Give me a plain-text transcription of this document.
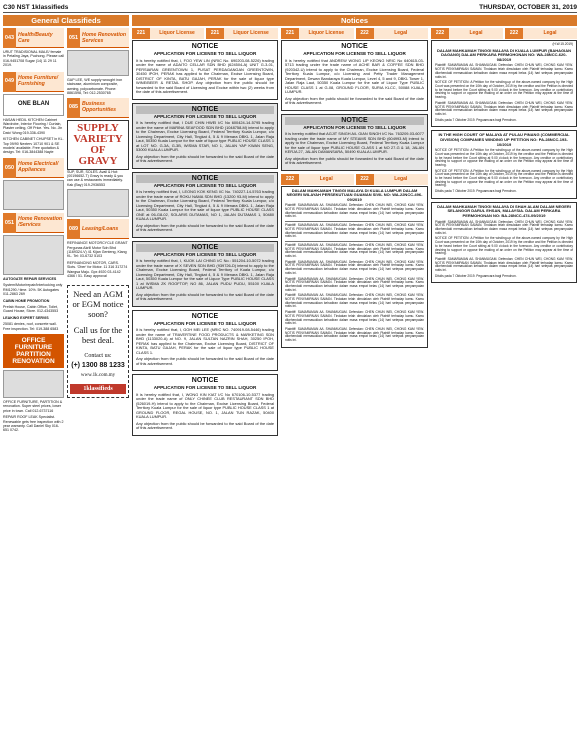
C30 NST 1klassifieds	THURSDAY, OCTOBER 31, 2019
General Classifieds	Notices
043
Health/Beauty Care

URUT TRADISIONAL MALE/ female in Petaling Jaya, Puchong. Please call 016-9451708 Sugar (14) 11 29 11 2019.

049
Home Furniture/ Furnishing
ONE BLAN

HASAN HEDIL KITCHEN Cabinet Wardrobe, Interior Flooring / Curtain, Plaster ceiling, Off Price. Yes. No. Jln Dato' Wong 019-336-4390

KITCHEN CABINET CHUPSET in KL. Top 09/90 Nexterv 10710 901 & SE models' available. Free quotation & design. Tel: 016-3844388 Nayle

050
Home Electrical/ Appliances
051
Home Renovation /Services

AUTOGATE REPAIR SERVICES

System/Motor/repair/Interlocking only RM1290 / time. 10%. 5K Autogates 011-2863 269

CABIN HOME PROMOTION

Prefab House, Cabin Office, Toilet, Guard House, Store. 012-4343553

LEAKING EXPERT SERVIS

25081 denies, roof, concrete wall. Free inspection. Tel: 019-388 6583

OFFICE FURNITURE PARTITION RENOVATION

OFFICE FURNITURE, PARTITION & renovation. Super steel prices, lower price in town. Call 012-6737116

REPAIR ROOF LEAK Specialist. Renewable gets free inspection with 2 year warranty. Call Daniel Sky 016-651 0742.

051
Home Renovation Services

GAP LEE, WE supply wrought iron staircase, aluminium composite, awning, polycarbonate. Phone: 8861598, Tel: 012-2530765

085
Business Opportunities
SUPPLY VARIETY OF GRAVY

SUP, SUR, SOLES. Avail & Hot: (00196652-T) Gravy is ready & you can use & restaurants immediately. Kak (Bay) 019-2936553

089 Leasing/Loans

REFINANCE MOTORCYCLE GRANT Pergunas Akrill Motor Sdn Bhd (1169324-V) 41 Kijan Genteng, Klang KL. Tel: 03-6732 5103

REFINANCING MOTOR, CARS. Slots. 'Ober' for Motor. 11 316 317274 Wangsa Maju. Gpx 4920 03-4142 4366 / 51. Easy approval

Need an AGM or EGM notice soon?
Call us for the best deal.
Contact us:
(+) 1300 88 1233
www.1k.com.my
1klassifieds
221	Liquor License	221	Liquor License
NOTICE
APPLICATION FOR LICENSE TO SELL LIQUOR

It is hereby notified that, I, FOO YEW LIN (NRIC No. 690203-08-5226) trading under the name of ADAITO CELLAR SDN BHD (624504-A) UNIT G-3-01, PERSIARAN GREENTOWN 1, PUSAT PERDAGANGAN GREENTOWN, 30450 IPOH, PERAK has applied to the Chairman, Excise Licensing Board, DISTRICT OF KINTA, BATU GAJAH, PERAK for the sale of liquor type WINE/BEER & RETAIL SHOP. Any objection from the public should be forwarded to the said Board of Licensing and Excise within two (2) weeks from the date of this advertisement.

NOTICE
APPLICATION FOR LICENSE TO SELL LIQUOR

It is hereby notified that, I DUE CHIN HWEI I/C No 600424-14-5795 trading under the name of MARINA SEAFOOD SDN BHD (1048758-M) intend to apply to the Chairman, Excise Licensing Board, Federal Territory Kuala Lumpur, c/o Licensing Department, City Hall, Tingkat 4, 5 & 9 Menara DBKL 1, Jalan Raja Laut, 50350 Kuala Lumpur for the sale of liquor type PUBLIC HOUSE CLASS 1 at LOT NO. G-3A, G-3B, WISMA STAR, NO 1, JALAN YAP KWAN SENG, 53000 KUALA LUMPUR.

Any objection from the public should be forwarded to the said Board of the date of this advertisement.

NOTICE
APPLICATION FOR LICENSE TO SELL LIQUOR

It is hereby notified that, I, LEONG KOK KENG I/C No. 740227-14-5763 trading under the trade name of ROKU NAMA SDN BHD (13200 93-M) intend to apply to the Chairman, Excise Licensing Board, Federal Territory Kuala Lumpur, c/o Licensing Department, City Hall, Tingkat 4, 5 & 9 Menara DBKL 1, Jalan Raja Laut, 50350 Kuala Lumpur for the sale of liquor type PUBLIC HOUSE CLASS ONE at 06-G8-02, SOLARIS DUTAMAS, NO 1, JALAN DUTAMAS 1, 50480 KUALA LUMPUR.

Any objection from the public should be forwarded to the said Board of the date of this advertisement.

NOTICE
APPLICATION FOR LICENSE TO SELL LIQUOR

It is hereby notified that, I, KUOK LAI CHING I/C No.: 551204-10-5072 trading under the trade name of X SEVEN SDN BHD (939726-D) intend to apply to the Chairman, Excise Licensing Board, Federal Territory of Kuala Lumpur, c/o Licensing Department, City Hall, Tingkat 4, 5 & 9 Menara DBKL 1, Jalan Raja Laut, 50350 Kuala Lumpur for the sale of Liquor Type PUBLIC HOUSE CLASS 1 at WISMA ZK ROOFTOP, NO 86, JALAN PUDU PUDU, 55100 KUALA LUMPUR.

Any objection from the public should be forwarded to the said Board of the date of this advertisement.

NOTICE
APPLICATION FOR LICENSE TO SELL LIQUOR

It is hereby notified that, I, GOH MEI LEE (NRIC NO. 740919-08-5446) trading under the name of TRAVERTINE FOOD PRODUCTS & MARKETING SDN BHD (1133020-A) at NO. 9, JALAN SULTAN NAZRIN SHAH, 30250 IPOH, PERAK has applied to the Chairman, Excise Licensing Board, DISTRICT OF KINTA, BATU GAJAH, PERAK for the sale of liquor type PUBLIC HOUSE CLASS 1.

Any objection from the public should be forwarded to the said Board of the date of this advertisement.

NOTICE
APPLICATION FOR LICENSE TO SELL LIQUOR

It is hereby notified that, I, WONG KIN KIAT I/C No 670106-10-5377 trading under the trade name of ONLY CHINEE CLUB RESTAURANT SDN BHD (526019-H) intend to apply to the Chairman, Excise Licensing Board, Federal Territory Kuala Lumpur for the sale of liquor type PUBLIC HOUSE CLASS 1 at GROUND FLOOR, REGAL HOUSE, NO. 1, JALAN TUN RAZAK, 50400 KUALA LUMPUR.

Any objection from the public should be forwarded to the said Board of the date of this advertisement.

221	Liquor License	222	Legal
NOTICE
APPLICATION FOR LICENSE TO SELL LIQUOR

It is hereby notified that ANDREW WONG LIP KEONG NRIC No 640615-03-5713 trading under the trade name of ACHE BAR & COFFEE SDN BHD (920342-U) intend to apply to the Chairman, Excise Licensing Board, Federal Territory Kuala Lumpur, c/o Licensing and Petty Trader Management Department, Dewan Bandaraya Kuala Lumpur, Level 4, 5 and 9, DBKL Tower 1, Jalan Raja Laut, 50350 Kuala Lumpur for the sale of Liquor Type PUBLIC HOUSE CLASS 1 at G-08, GROUND FLOOR, SURIA KLCC, 50088 KUALA LUMPUR.

Any objection from the public should be forwarded to the said Board of the date of this advertisement.

NOTICE
APPLICATION FOR LICENSE TO SELL LIQUOR

It is hereby notified that AGJIT SINGH A/L GIAN SINGH I/C No. 763209-03-6077 trading under the trade name of MY STEAMS SDN BHD (604993-M) intend to apply to the Chairman, Excise Licensing Board, Federal Territory Kuala Lumpur for the sale of liquor type PUBLIC HOUSE CLASS 1 at NO 27-G & 18, JALAN KERJA 27, JALAN DAMANSARA, 50490 KUALA LUMPUR.

Any objection from the public should be forwarded to the said Board of the date of this advertisement.

222	Legal	222	Legal
DALAM MAHKAMAH TINGGI MALAYA DI KUALA LUMPUR DALAM NEGERI WILAYAH PERSEKUTUAN GUAMAN SIVIL NO: WA-22NCC-496-09/2019

Plaintiff: SAMARAMAN A/L SHANMUGAM. Defendan: CHEN CHUN WEI, CHONG KAM YEW. NOTIS PENYAMPAIAN SAMAN. Tindakan telah dimulakan oleh Plaintif terhadap kamu. Kamu dikehendaki memasukkan kehadiran dalam masa empat belas (14) hari selepas penyampaian notis ini.

Plaintiff: SAMARAMAN A/L SHANMUGAM. Defendan: CHEN CHUN WEI, CHONG KAM YEW. NOTIS PENYAMPAIAN SAMAN. Tindakan telah dimulakan oleh Plaintif terhadap kamu. Kamu dikehendaki memasukkan kehadiran dalam masa empat belas (14) hari selepas penyampaian notis ini.

Plaintiff: SAMARAMAN A/L SHANMUGAM. Defendan: CHEN CHUN WEI, CHONG KAM YEW. NOTIS PENYAMPAIAN SAMAN. Tindakan telah dimulakan oleh Plaintif terhadap kamu. Kamu dikehendaki memasukkan kehadiran dalam masa empat belas (14) hari selepas penyampaian notis ini.

Plaintiff: SAMARAMAN A/L SHANMUGAM. Defendan: CHEN CHUN WEI, CHONG KAM YEW. NOTIS PENYAMPAIAN SAMAN. Tindakan telah dimulakan oleh Plaintif terhadap kamu. Kamu dikehendaki memasukkan kehadiran dalam masa empat belas (14) hari selepas penyampaian notis ini.

Plaintiff: SAMARAMAN A/L SHANMUGAM. Defendan: CHEN CHUN WEI, CHONG KAM YEW. NOTIS PENYAMPAIAN SAMAN. Tindakan telah dimulakan oleh Plaintif terhadap kamu. Kamu dikehendaki memasukkan kehadiran dalam masa empat belas (14) hari selepas penyampaian notis ini.

Plaintiff: SAMARAMAN A/L SHANMUGAM. Defendan: CHEN CHUN WEI, CHONG KAM YEW. NOTIS PENYAMPAIAN SAMAN. Tindakan telah dimulakan oleh Plaintif terhadap kamu. Kamu dikehendaki memasukkan kehadiran dalam masa empat belas (14) hari selepas penyampaian notis ini.

Plaintiff: SAMARAMAN A/L SHANMUGAM. Defendan: CHEN CHUN WEI, CHONG KAM YEW. NOTIS PENYAMPAIAN SAMAN. Tindakan telah dimulakan oleh Plaintif terhadap kamu. Kamu dikehendaki memasukkan kehadiran dalam masa empat belas (14) hari selepas penyampaian notis ini.

Plaintiff: SAMARAMAN A/L SHANMUGAM. Defendan: CHEN CHUN WEI, CHONG KAM YEW. NOTIS PENYAMPAIAN SAMAN. Tindakan telah dimulakan oleh Plaintif terhadap kamu. Kamu dikehendaki memasukkan kehadiran dalam masa empat belas (14) hari selepas penyampaian notis ini.

222	Legal	222	Legal

(H.W.15.2019)

DALAM MAHKAMAH TINGGI MALAYA DI KUALA LUMPUR (BAHAGIAN DAGANG) DALAM PERKARA PERMOHONAN NO: WA-28NCC-620-08/2019

Plaintiff: SAMARAMAN A/L SHANMUGAM. Defendan: CHEN CHUN WEI, CHONG KAM YEW. NOTIS PENYAMPAIAN SAMAN. Tindakan telah dimulakan oleh Plaintif terhadap kamu. Kamu dikehendaki memasukkan kehadiran dalam masa empat belas (14) hari selepas penyampaian notis ini.

NOTICE OF PETITION: A Petition for the winding-up of the above-named company by the High Court was presented on the 10th day of October, 2019 by the creditor and the Petition is directed to be heard before the Court sitting at 9.00 o'clock in the forenoon. Any creditor or contributory desiring to support or oppose the making of an order on the Petition may appear at the time of hearing.

Plaintiff: SAMARAMAN A/L SHANMUGAM. Defendan: CHEN CHUN WEI, CHONG KAM YEW. NOTIS PENYAMPAIAN SAMAN. Tindakan telah dimulakan oleh Plaintif terhadap kamu. Kamu dikehendaki memasukkan kehadiran dalam masa empat belas (14) hari selepas penyampaian notis ini.

Ditulis pada 7 Oktober 2019. Peguamcara bagi Pemohon.

IN THE HIGH COURT OF MALAYA AT PULAU PINANG (COMMERCIAL DIVISION) COMPANIES WINDING UP PETITION NO: PA-28NCC-193-10/2019

NOTICE OF PETITION: A Petition for the winding-up of the above-named company by the High Court was presented on the 10th day of October, 2019 by the creditor and the Petition is directed to be heard before the Court sitting at 9.00 o'clock in the forenoon. Any creditor or contributory desiring to support or oppose the making of an order on the Petition may appear at the time of hearing.

NOTICE OF PETITION: A Petition for the winding-up of the above-named company by the High Court was presented on the 10th day of October, 2019 by the creditor and the Petition is directed to be heard before the Court sitting at 9.00 o'clock in the forenoon. Any creditor or contributory desiring to support or oppose the making of an order on the Petition may appear at the time of hearing.

Ditulis pada 7 Oktober 2019. Peguamcara bagi Pemohon.

DALAM MAHKAMAH TINGGI MALAYA DI SHAH ALAM DALAM NEGERI SELANGOR DARUL EHSAN, MALAYSIA. DALAM PERKARA PERMOHONAN NO: BA-28NCC-474-09/2019

Plaintiff: SAMARAMAN A/L SHANMUGAM. Defendan: CHEN CHUN WEI, CHONG KAM YEW. NOTIS PENYAMPAIAN SAMAN. Tindakan telah dimulakan oleh Plaintif terhadap kamu. Kamu dikehendaki memasukkan kehadiran dalam masa empat belas (14) hari selepas penyampaian notis ini.

NOTICE OF PETITION: A Petition for the winding-up of the above-named company by the High Court was presented on the 10th day of October, 2019 by the creditor and the Petition is directed to be heard before the Court sitting at 9.00 o'clock in the forenoon. Any creditor or contributory desiring to support or oppose the making of an order on the Petition may appear at the time of hearing.

Plaintiff: SAMARAMAN A/L SHANMUGAM. Defendan: CHEN CHUN WEI, CHONG KAM YEW. NOTIS PENYAMPAIAN SAMAN. Tindakan telah dimulakan oleh Plaintif terhadap kamu. Kamu dikehendaki memasukkan kehadiran dalam masa empat belas (14) hari selepas penyampaian notis ini.

Ditulis pada 7 Oktober 2019. Peguamcara bagi Pemohon.
